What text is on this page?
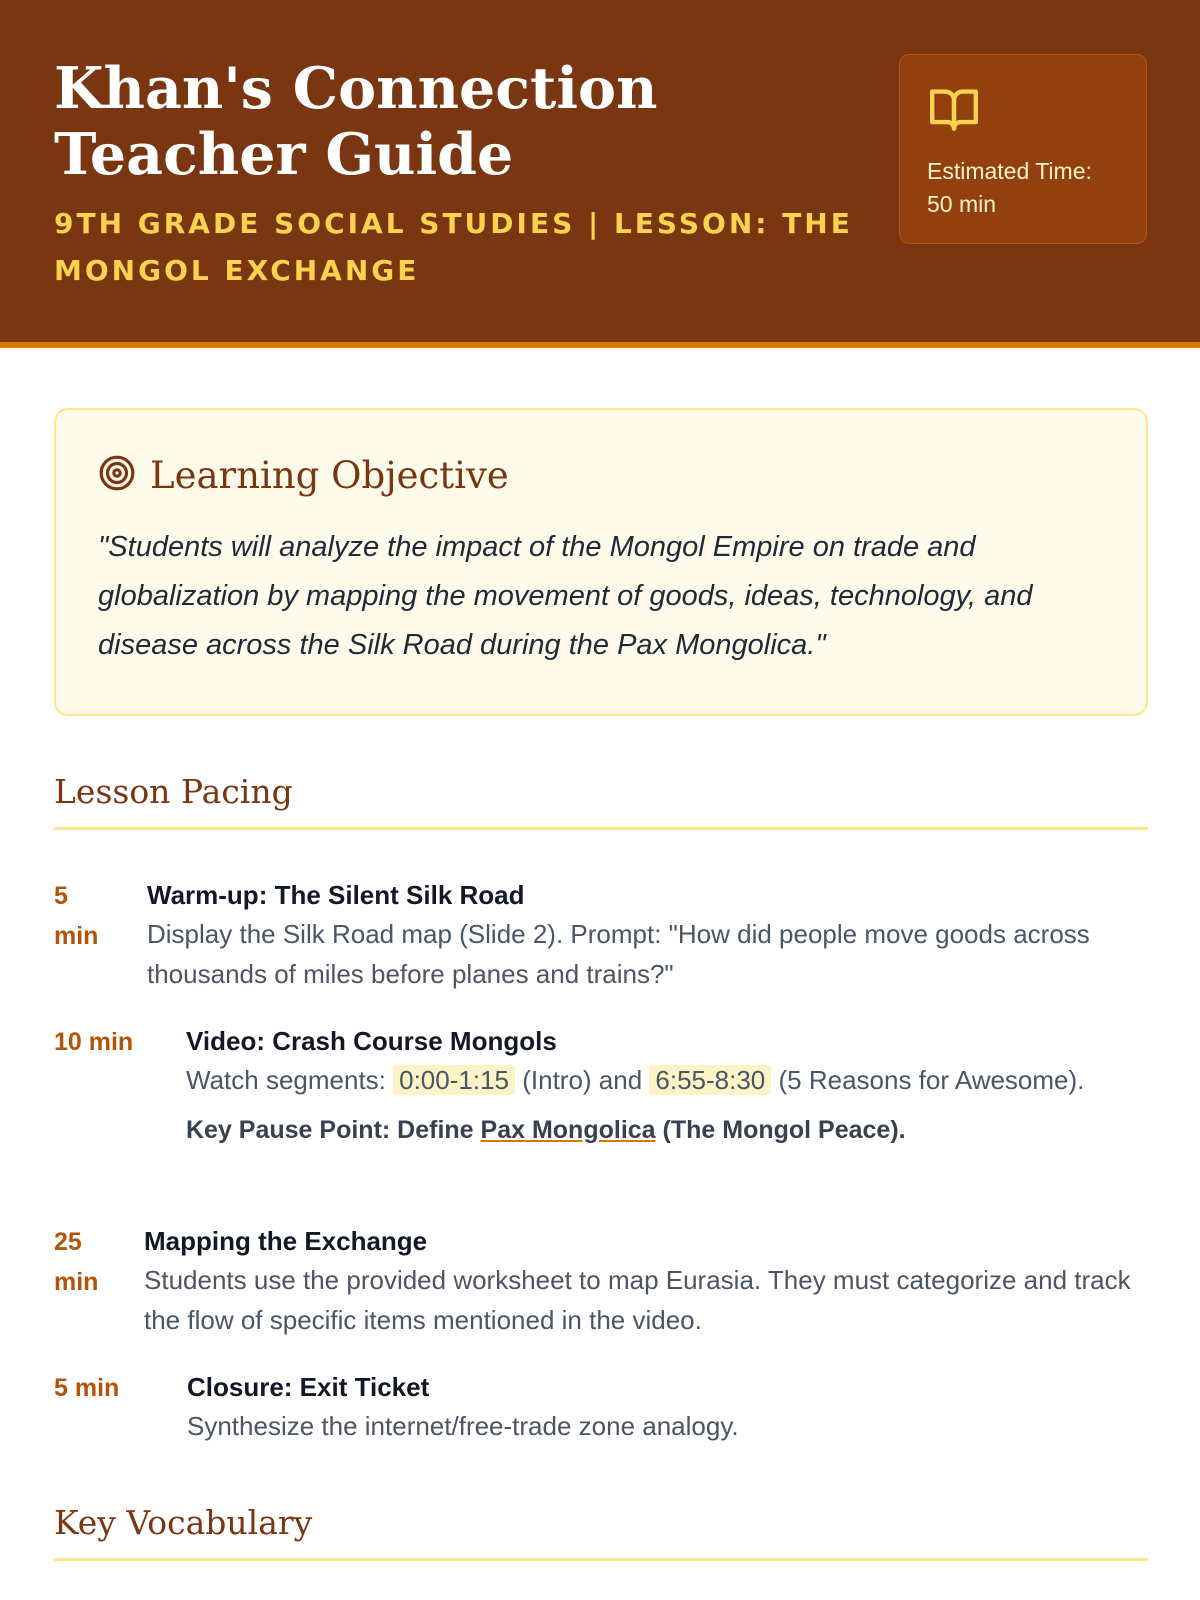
Khan's Connection Teacher Guide
9TH GRADE SOCIAL STUDIES | LESSON: THE MONGOL EXCHANGE
Estimated Time: 50 min
Learning Objective
"Students will analyze the impact of the Mongol Empire on trade and globalization by mapping the movement of goods, ideas, technology, and disease across the Silk Road during the Pax Mongolica."
Lesson Pacing
5 min
Warm-up: The Silent Silk Road
Display the Silk Road map (Slide 2). Prompt: "How did people move goods across thousands of miles before planes and trains?"
10 min	Video: Crash Course Mongols
Watch segments: 0:00-1:15 (Intro) and 6:55-8:30 (5 Reasons for Awesome).
Key Pause Point: Define Pax Mongolica (The Mongol Peace).
25 min
Mapping the Exchange
Students use the provided worksheet to map Eurasia. They must categorize and track the flow of specific items mentioned in the video.
5 min	Closure: Exit Ticket
Synthesize the internet/free-trade zone analogy.
Key Vocabulary
